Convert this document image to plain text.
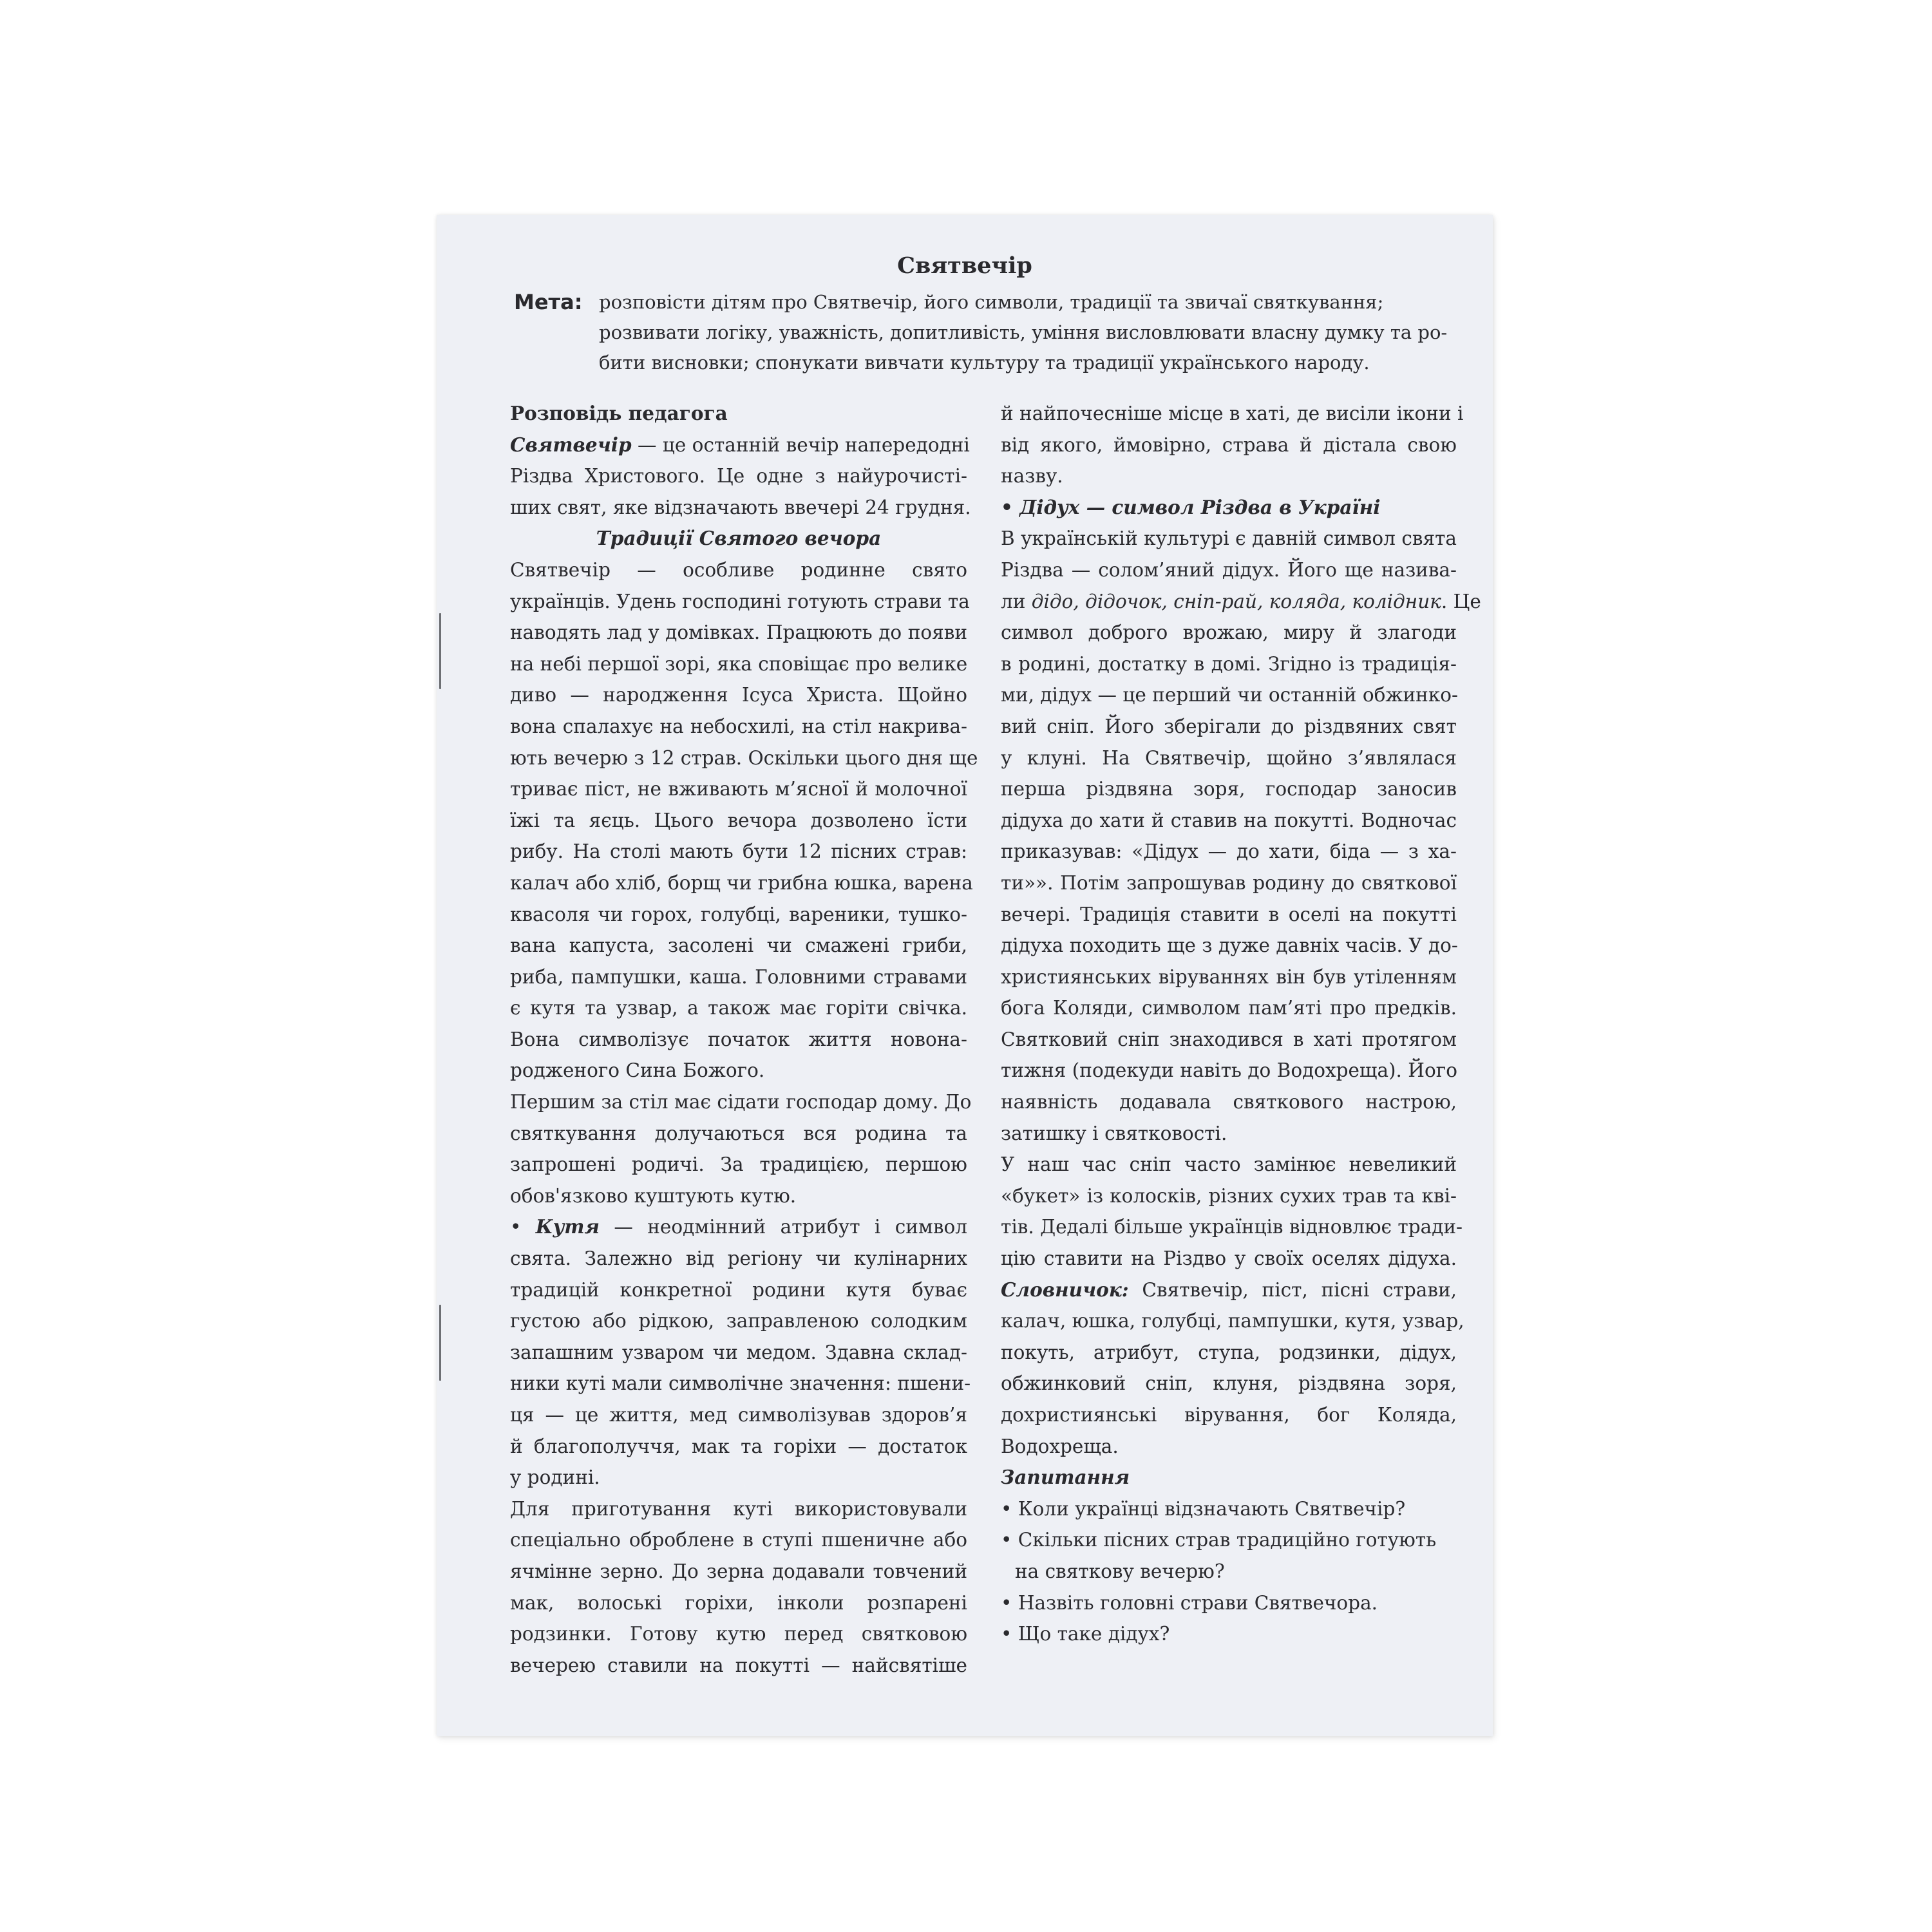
Святвечір
Мета: розповісти дітям про Святвечір, його символи, традиції та звичаї святкування;
розвивати логіку, уважність, допитливість, уміння висловлювати власну думку та ро-
бити висновки; спонукати вивчати культуру та традиції українського народу.
Розповідь педагога
Святвечір — це останній вечір напередодні
Різдва Христового. Це одне з найурочисті-
ших свят, яке відзначають ввечері 24 грудня.
Традиції Святого вечора
Святвечір — особливе родинне свято
українців. Удень господині готують страви та
наводять лад у домівках. Працюють до появи
на небі першої зорі, яка сповіщає про велике
диво — народження Ісуса Христа. Щойно
вона спалахує на небосхилі, на стіл накрива-
ють вечерю з 12 страв. Оскільки цього дня ще
триває піст, не вживають м’ясної й молочної
їжі та яєць. Цього вечора дозволено їсти
рибу. На столі мають бути 12 пісних страв:
калач або хліб, борщ чи грибна юшка, варена
квасоля чи горох, голубці, вареники, тушко-
вана капуста, засолені чи смажені гриби,
риба, пампушки, каша. Головними стравами
є кутя та узвар, а також має горіти свічка.
Вона символізує початок життя новона-
родженого Сина Божого.
Першим за стіл має сідати господар дому. До
святкування долучаються вся родина та
запрошені родичі. За традицією, першою
обов'язково куштують кутю.
• Кутя — неодмінний атрибут і символ
свята. Залежно від регіону чи кулінарних
традицій конкретної родини кутя буває
густою або рідкою, заправленою солодким
запашним узваром чи медом. Здавна склад-
ники куті мали символічне значення: пшени-
ця — це життя, мед символізував здоров’я
й благополуччя, мак та горіхи — достаток
у родині.
Для приготування куті використовували
спеціально оброблене в ступі пшеничне або
ячмінне зерно. До зерна додавали товчений
мак, волоські горіхи, інколи розпарені
родзинки. Готову кутю перед святковою
вечерею ставили на покутті — найсвятіше
й найпочесніше місце в хаті, де висіли ікони і
від якого, ймовірно, страва й дістала свою
назву.
• Дідух — символ Різдва в Україні
В українській культурі є давній символ свята
Різдва — солом’яний дідух. Його ще назива-
ли дідо, дідочок, сніп-рай, коляда, колідник. Це
символ доброго врожаю, миру й злагоди
в родині, достатку в домі. Згідно із традиція-
ми, дідух — це перший чи останній обжинко-
вий сніп. Його зберігали до різдвяних свят
у клуні. На Святвечір, щойно з’являлася
перша різдвяна зоря, господар заносив
дідуха до хати й ставив на покутті. Водночас
приказував: «Дідух — до хати, біда — з ха-
ти»». Потім запрошував родину до святкової
вечері. Традиція ставити в оселі на покутті
дідуха походить ще з дуже давніх часів. У до-
християнських віруваннях він був утіленням
бога Коляди, символом пам’яті про предків.
Святковий сніп знаходився в хаті протягом
тижня (подекуди навіть до Водохреща). Його
наявність додавала святкового настрою,
затишку і святковості.
У наш час сніп часто замінює невеликий
«букет» із колосків, різних сухих трав та кві-
тів. Дедалі більше українців відновлює тради-
цію ставити на Різдво у своїх оселях дідуха.
Словничок: Святвечір, піст, пісні страви,
калач, юшка, голубці, пампушки, кутя, узвар,
покуть, атрибут, ступа, родзинки, дідух,
обжинковий сніп, клуня, різдвяна зоря,
дохристиянські вірування, бог Коляда,
Водохреща.
Запитання
• Коли українці відзначають Святвечір?
• Скільки пісних страв традиційно готують
на святкову вечерю?
• Назвіть головні страви Святвечора.
• Що таке дідух?
